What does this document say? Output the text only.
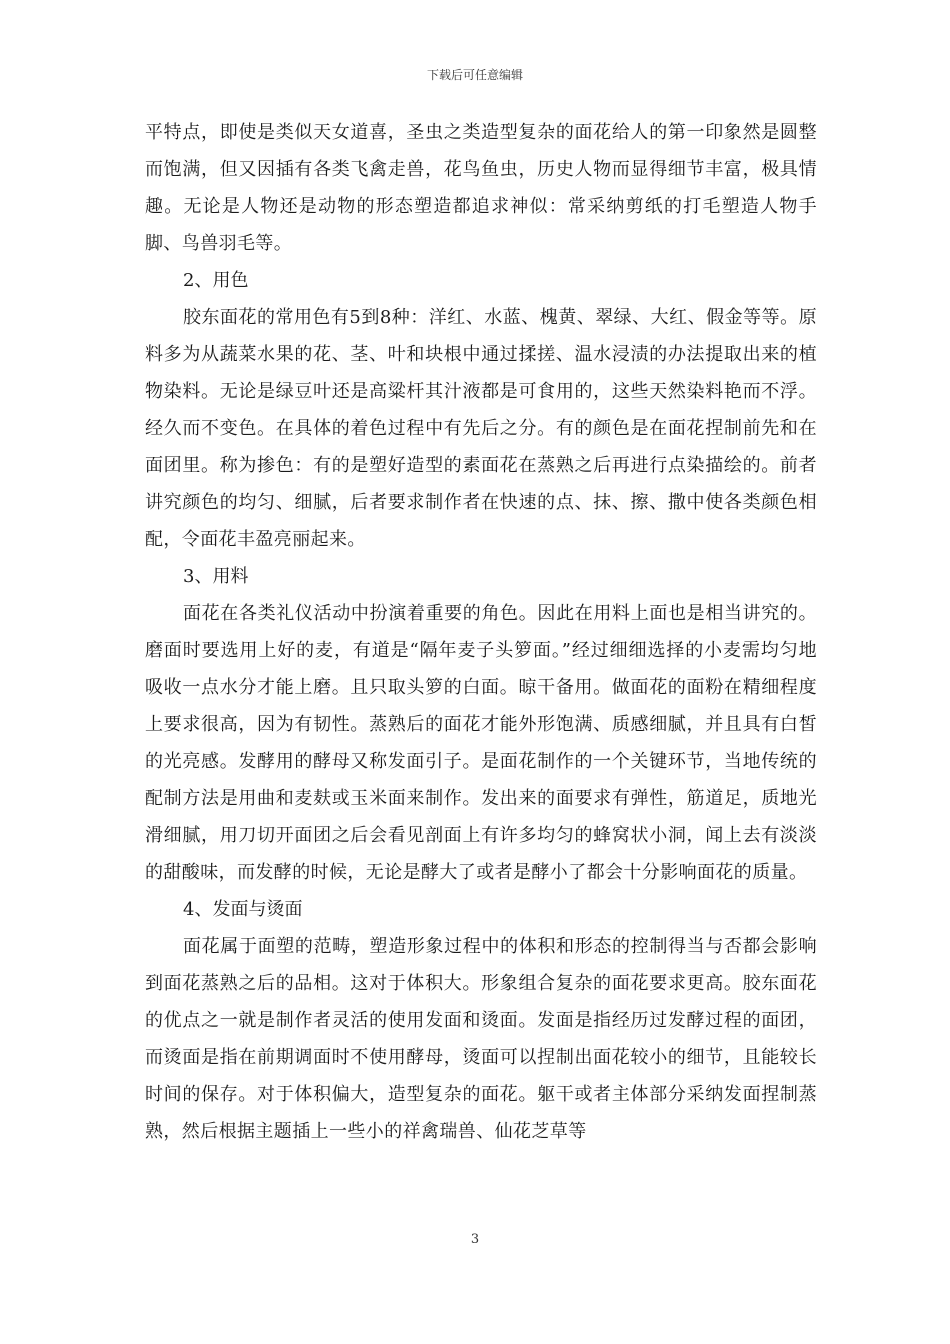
下载后可任意编辑

平特点，即使是类似天女道喜，圣虫之类造型复杂的面花给人的第一印象然是圆整而饱满，但又因插有各类飞禽走兽，花鸟鱼虫，历史人物而显得细节丰富，极具情趣。无论是人物还是动物的形态塑造都追求神似：常采纳剪纸的打毛塑造人物手脚、鸟兽羽毛等。

2、用色

胶东面花的常用色有5到8种：洋红、水蓝、槐黄、翠绿、大红、假金等等。原料多为从蔬菜水果的花、茎、叶和块根中通过揉搓、温水浸渍的办法提取出来的植物染料。无论是绿豆叶还是高粱杆其汁液都是可食用的，这些天然染料艳而不浮。经久而不变色。在具体的着色过程中有先后之分。有的颜色是在面花捏制前先和在面团里。称为掺色：有的是塑好造型的素面花在蒸熟之后再进行点染描绘的。前者讲究颜色的均匀、细腻，后者要求制作者在快速的点、抹、擦、撒中使各类颜色相配，令面花丰盈亮丽起来。

3、用料

面花在各类礼仪活动中扮演着重要的角色。因此在用料上面也是相当讲究的。磨面时要选用上好的麦，有道是“隔年麦子头箩面。”经过细细选择的小麦需均匀地吸收一点水分才能上磨。且只取头箩的白面。晾干备用。做面花的面粉在精细程度上要求很高，因为有韧性。蒸熟后的面花才能外形饱满、质感细腻，并且具有白皙的光亮感。发酵用的酵母又称发面引子。是面花制作的一个关键环节，当地传统的配制方法是用曲和麦麸或玉米面来制作。发出来的面要求有弹性，筋道足，质地光滑细腻，用刀切开面团之后会看见剖面上有许多均匀的蜂窝状小洞，闻上去有淡淡的甜酸味，而发酵的时候，无论是酵大了或者是酵小了都会十分影响面花的质量。

4、发面与烫面

面花属于面塑的范畴，塑造形象过程中的体积和形态的控制得当与否都会影响到面花蒸熟之后的品相。这对于体积大。形象组合复杂的面花要求更高。胶东面花的优点之一就是制作者灵活的使用发面和烫面。发面是指经历过发酵过程的面团，而烫面是指在前期调面时不使用酵母，烫面可以捏制出面花较小的细节，且能较长时间的保存。对于体积偏大，造型复杂的面花。躯干或者主体部分采纳发面捏制蒸熟，然后根据主题插上一些小的祥禽瑞兽、仙花芝草等

3
